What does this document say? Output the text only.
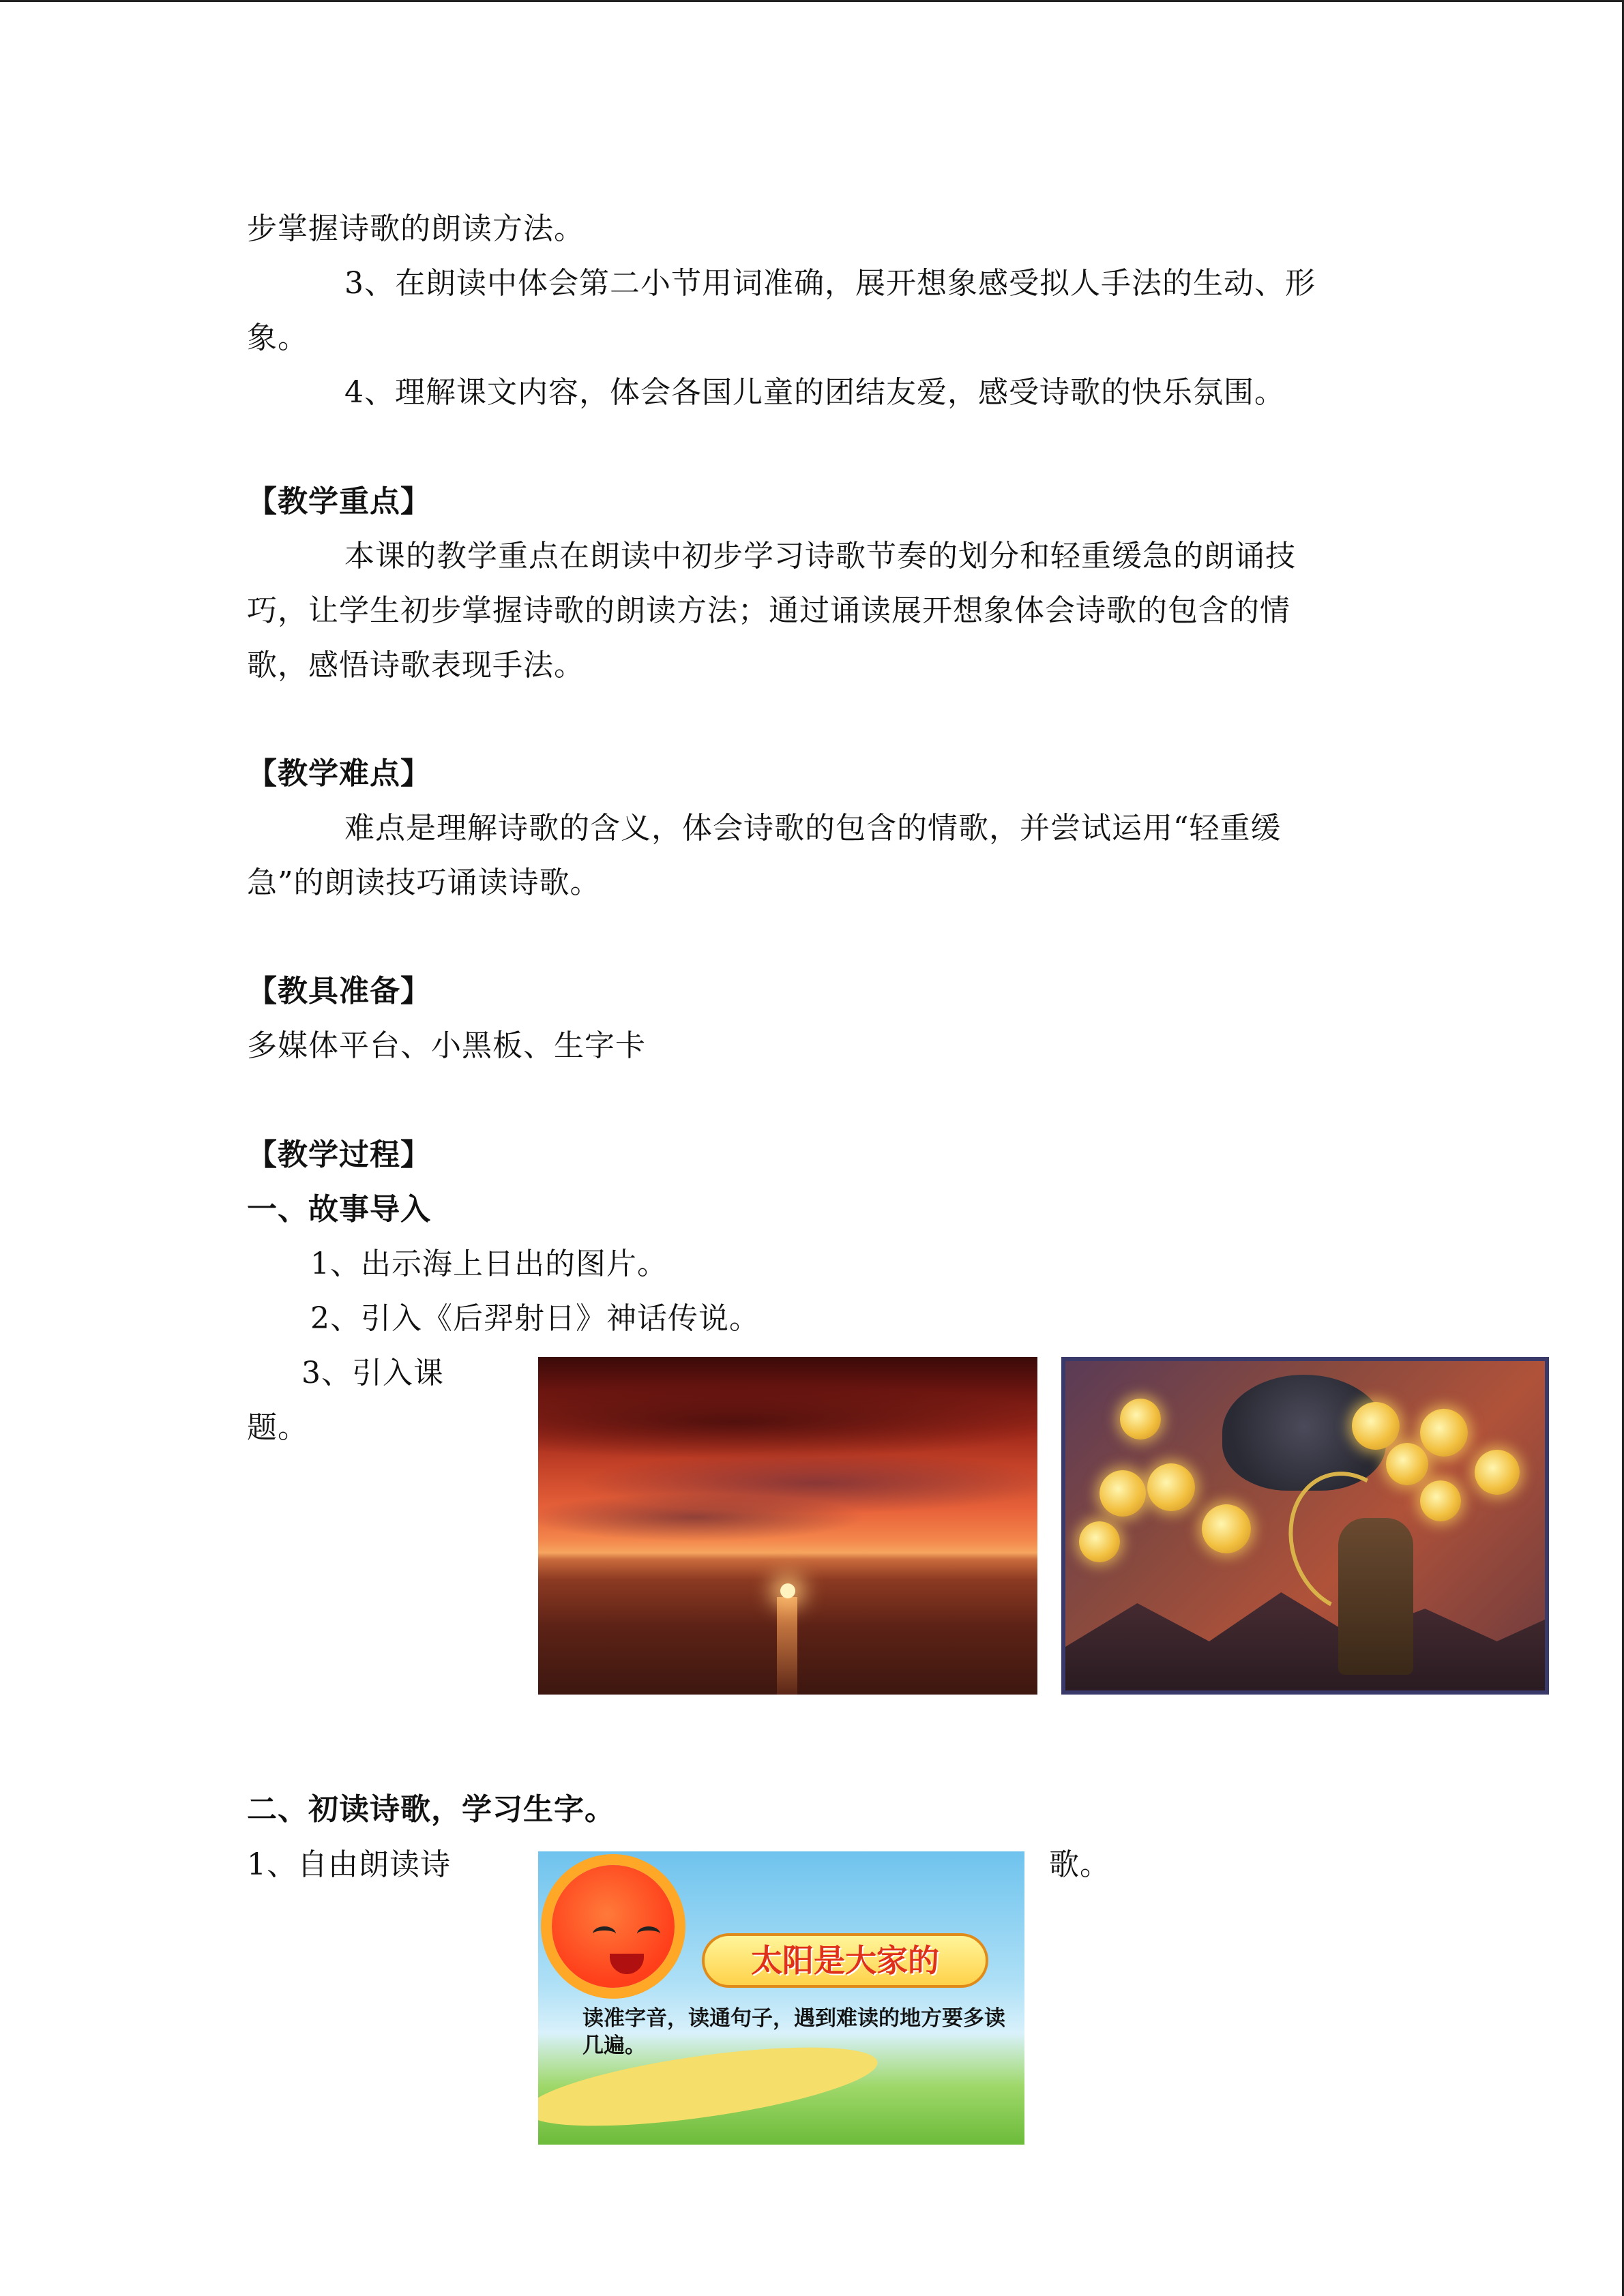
步掌握诗歌的朗读方法。
3、在朗读中体会第二小节用词准确，展开想象感受拟人手法的生动、形
象。
4、理解课文内容，体会各国儿童的团结友爱，感受诗歌的快乐氛围。
【教学重点】
本课的教学重点在朗读中初步学习诗歌节奏的划分和轻重缓急的朗诵技
巧，让学生初步掌握诗歌的朗读方法；通过诵读展开想象体会诗歌的包含的情
歌，感悟诗歌表现手法。
【教学难点】
难点是理解诗歌的含义，体会诗歌的包含的情歌，并尝试运用“轻重缓
急”的朗读技巧诵读诗歌。
【教具准备】
多媒体平台、小黑板、生字卡
【教学过程】
一、故事导入
1、出示海上日出的图片。
2、引入《后羿射日》神话传说。
3、引入课
题。
二、初读诗歌，学习生字。
1、自由朗读诗	歌。
太阳是大家的
读准字音，读通句子，遇到难读的地方要多读几遍。
